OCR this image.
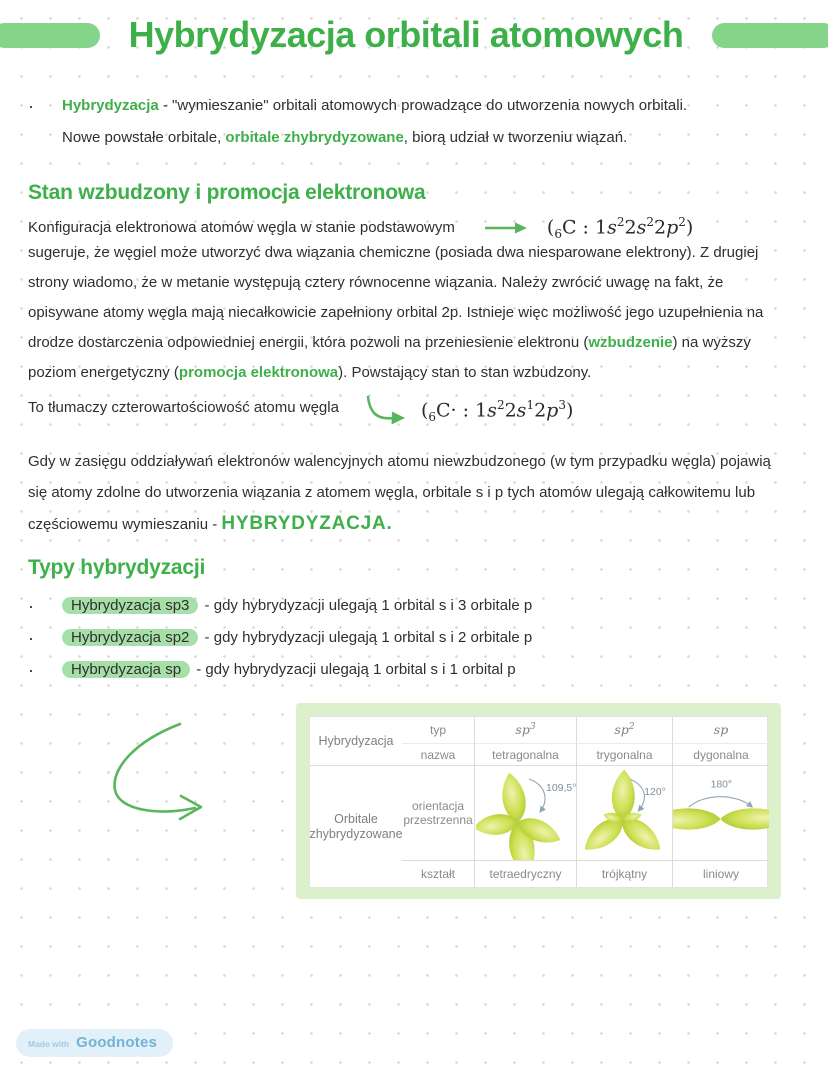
Hybrydyzacja orbitali atomowych
·	Hybrydyzacja - "wymieszanie" orbitali atomowych prowadzące do utworzenia nowych orbitali.
Nowe powstałe orbitale, orbitale zhybrydyzowane, biorą udział w tworzeniu wiązań.
Stan wzbudzony i promocja elektronowa
Konfiguracja elektronowa atomów węgla w stanie podstawowym	($_6C$ : $1s^22s^22p^2$)
sugeruje, że węgiel może utworzyć dwa wiązania chemiczne (posiada dwa niesparowane elektrony). Z drugiej
strony wiadomo, że w metanie występują cztery równocenne wiązania. Należy zwrócić uwagę na fakt, że
opisywane atomy węgla mają niecałkowicie zapełniony orbital 2p. Istnieje więc możliwość jego uzupełnienia na
drodze dostarczenia odpowiedniej energii, która pozwoli na przeniesienie elektronu (wzbudzenie) na wyższy
poziom energetyczny (promocja elektronowa). Powstający stan to stan wzbudzony.
To tłumaczy czterowartościowość atomu węgla	($_6C\cdot$ : $1s^22s^12p^3$)
Gdy w zasięgu oddziaływań elektronów walencyjnych atomu niewzbudzonego (w tym przypadku węgla) pojawią
się atomy zdolne do utworzenia wiązania z atomem węgla, orbitale s i p tych atomów ulegają całkowitemu lub
częściowemu wymieszaniu - HYBRYDYZACJA.
Typy hybrydyzacji
·	Hybrydyzacja sp3 - gdy hybrydyzacji ulegają 1 orbital s i 3 orbitale p
·	Hybrydyzacja sp2 - gdy hybrydyzacji ulegają 1 orbital s i 2 orbitale p
·	Hybrydyzacja sp - gdy hybrydyzacji ulegają 1 orbital s i 1 orbital p
Hybrydyzacja
typ	$sp^3$	$sp^2$	sp
nazwa	tetragonalna	trygonalna	dygonalna
Orbitale zhybrydyzowane
orientacja przestrzenna
109,5°	120°
180°
kształt	tetraedryczny	trójkątny	liniowy
Made with Goodnotes
